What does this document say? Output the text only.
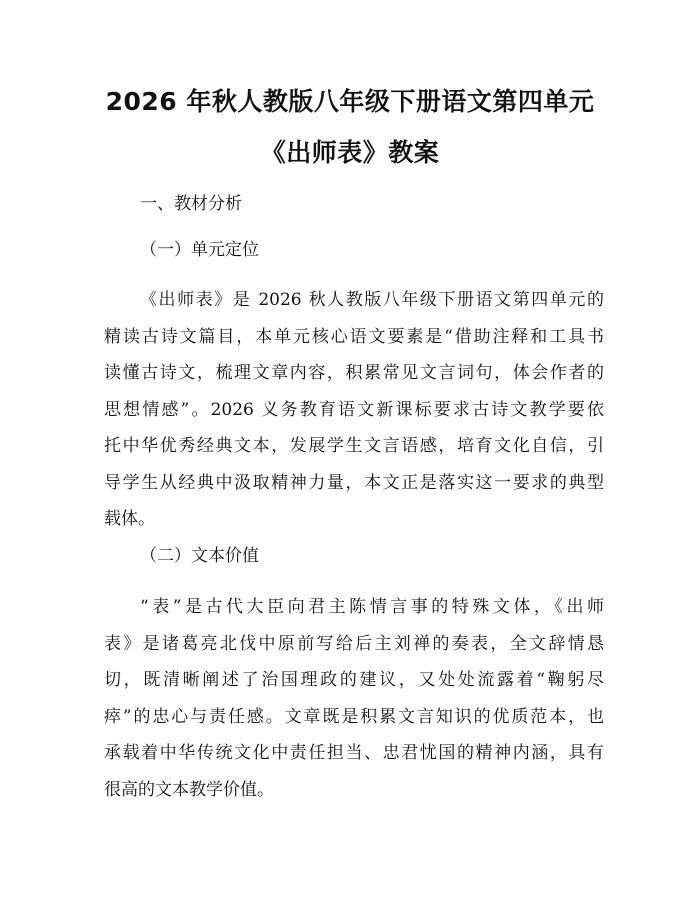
2026 年秋人教版八年级下册语文第四单元
《出师表》教案
一、教材分析
（一）单元定位
《出师表》是 2026 秋人教版八年级下册语文第四单元的
精读古诗文篇目，本单元核心语文要素是“借助注释和工具书
读懂古诗文，梳理文章内容，积累常见文言词句，体会作者的
思想情感”。2026 义务教育语文新课标要求古诗文教学要依
托中华优秀经典文本，发展学生文言语感，培育文化自信，引
导学生从经典中汲取精神力量，本文正是落实这一要求的典型
载体。
（二）文本价值
“表”是古代大臣向君主陈情言事的特殊文体，《出师
表》是诸葛亮北伐中原前写给后主刘禅的奏表，全文辞情恳
切，既清晰阐述了治国理政的建议，又处处流露着“鞠躬尽
瘁”的忠心与责任感。文章既是积累文言知识的优质范本，也
承载着中华传统文化中责任担当、忠君忧国的精神内涵，具有
很高的文本教学价值。
